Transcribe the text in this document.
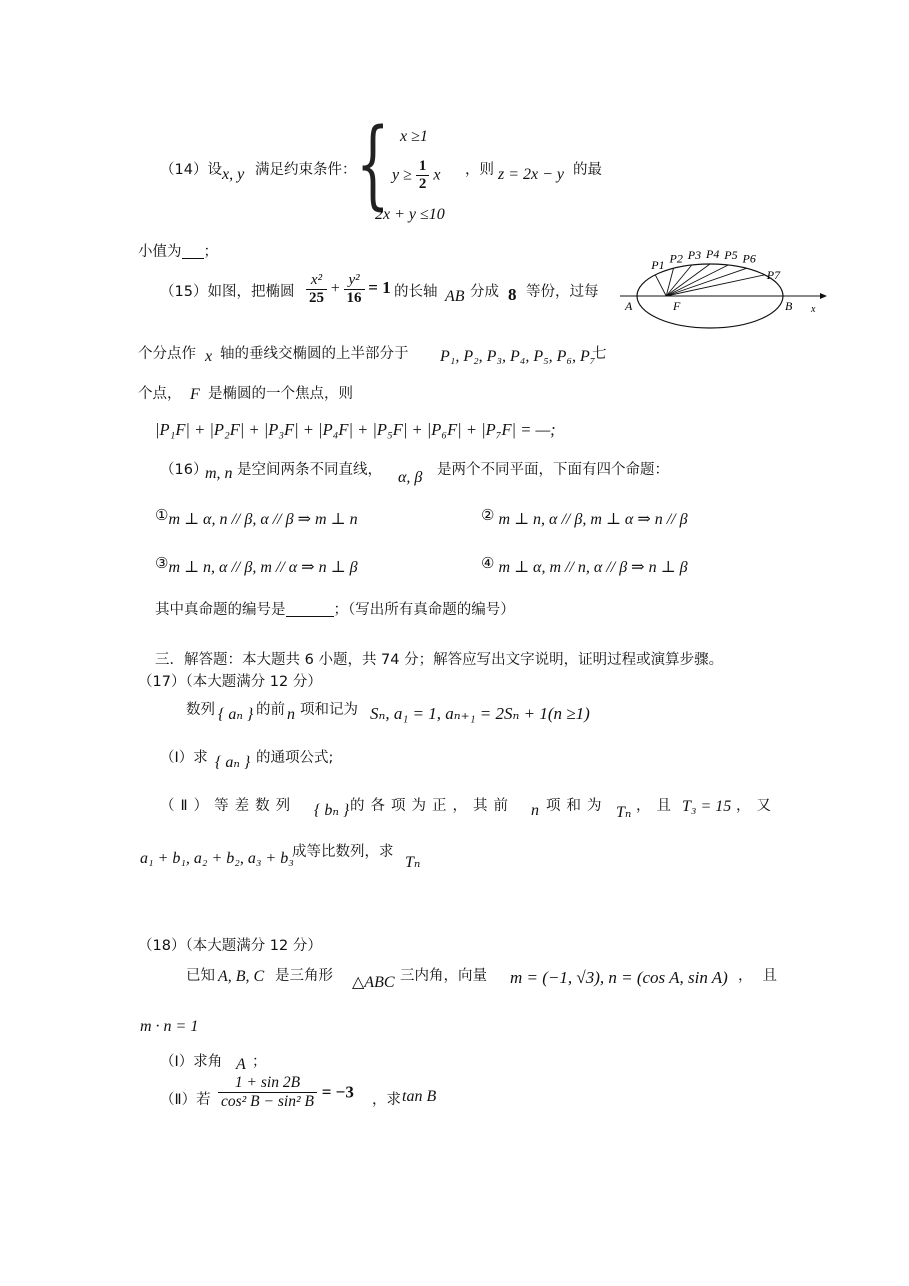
（14）设 x, y 满足约束条件： { x ≥1
$y \ge \frac{1}{2}$ x
2x + y ≤10
，则 z = 2x − y 的最
小值为 ；
（15）如图，把椭圆 $\frac{\text{x²}}{25} + \frac{\text{y²}}{16} = 1$ 的长轴 AB 分成 8 等份，过每
个分点作 x 轴的垂线交椭圆的上半部分于 P₁, P₂, P₃, P₄, P₅, P₆, P₇
七
个点， F 是椭圆的一个焦点，则
|P₁F| + |P₂F| + |P₃F| + |P₄F| + |P₅F| + |P₆F| + |P₇F| = —;
A	F	B x
P1 P2 P3 P4 P5 P6
P7
（16）
m, n 是空间两条不同直线， α, β 是两个不同平面，下面有四个命题：
①m ⊥ α, n // β, α // β ⇒ m ⊥ n	② m ⊥ n, α // β, m ⊥ α ⇒ n // β
③m ⊥ n, α // β, m // α ⇒ n ⊥ β	④ m ⊥ α, m // n, α // β ⇒ n ⊥ β
其中真命题的编号是	；（写出所有真命题的编号）
三．解答题：本大题共 6 小题，共 74 分；解答应写出文字说明，证明过程或演算步骤。
（17）（本大题满分 12 分）
数列 { aₙ } 的前 n 项和记为 Sₙ, a₁ = 1, aₙ₊₁ = 2Sₙ + 1(n ≥1)
（Ⅰ）求 { aₙ } 的通项公式;
（Ⅱ）等差数列 { bₙ } 的各项为正，其前 n 项和为 Tₙ ，且 T₃ = 15 ，又
a₁ + b₁, a₂ + b₂, a₃ + b₃
成等比数列，求
Tₙ
（18）（本大题满分 12 分）
已知 A, B, C 是三角形 △ABC 三内角，向量 m = (−1, √3), n = (cos A, sin A) ，且
m · n = 1
（Ⅰ）求角 A ；
（Ⅱ）若 $\frac{1 + \sin 2B}{\text{cos² B − sin² B}} = -3$ ，求 tan B
